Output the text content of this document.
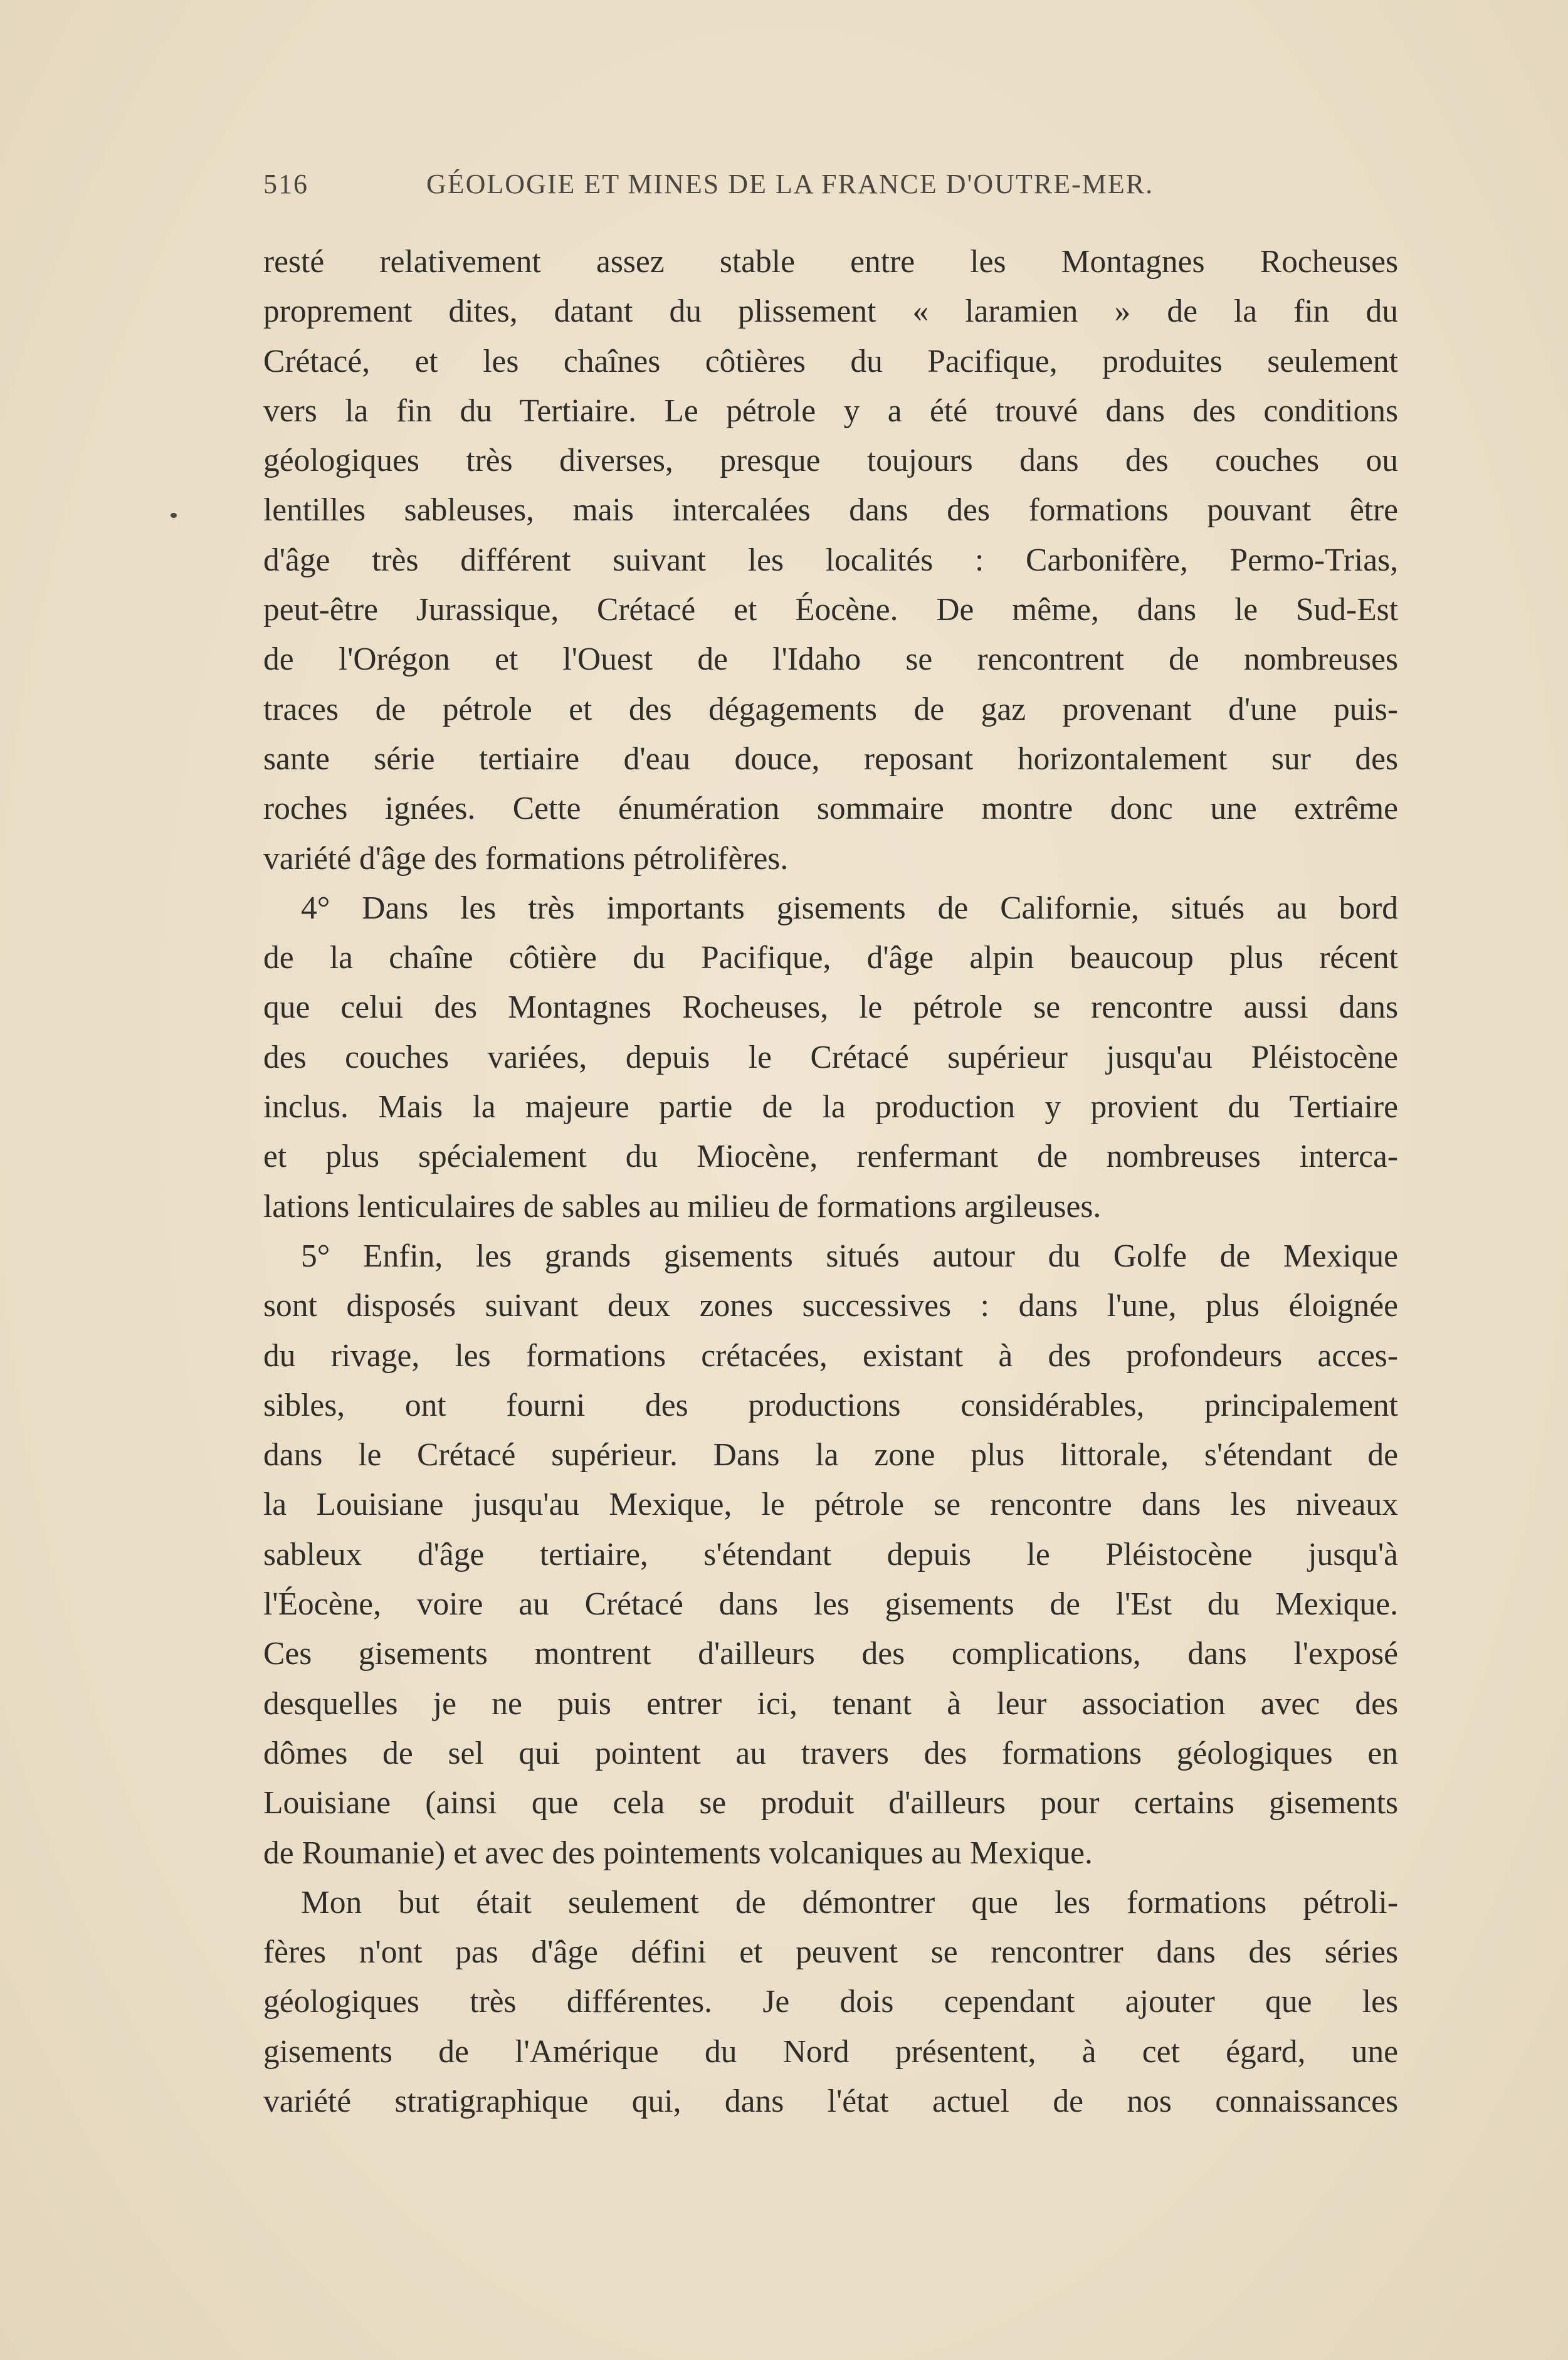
516	GÉOLOGIE ET MINES DE LA FRANCE D'OUTRE-MER.
resté relativement assez stable entre les Montagnes Rocheuses
proprement dites, datant du plissement « laramien » de la fin du
Crétacé, et les chaînes côtières du Pacifique, produites seulement
vers la fin du Tertiaire. Le pétrole y a été trouvé dans des conditions
géologiques très diverses, presque toujours dans des couches ou
lentilles sableuses, mais intercalées dans des formations pouvant être
d'âge très différent suivant les localités : Carbonifère, Permo-Trias,
peut-être Jurassique, Crétacé et Éocène. De même, dans le Sud-Est
de l'Orégon et l'Ouest de l'Idaho se rencontrent de nombreuses
traces de pétrole et des dégagements de gaz provenant d'une puis-
sante série tertiaire d'eau douce, reposant horizontalement sur des
roches ignées. Cette énumération sommaire montre donc une extrême
variété d'âge des formations pétrolifères.
4° Dans les très importants gisements de Californie, situés au bord
de la chaîne côtière du Pacifique, d'âge alpin beaucoup plus récent
que celui des Montagnes Rocheuses, le pétrole se rencontre aussi dans
des couches variées, depuis le Crétacé supérieur jusqu'au Pléistocène
inclus. Mais la majeure partie de la production y provient du Tertiaire
et plus spécialement du Miocène, renfermant de nombreuses interca-
lations lenticulaires de sables au milieu de formations argileuses.
5° Enfin, les grands gisements situés autour du Golfe de Mexique
sont disposés suivant deux zones successives : dans l'une, plus éloignée
du rivage, les formations crétacées, existant à des profondeurs acces-
sibles, ont fourni des productions considérables, principalement
dans le Crétacé supérieur. Dans la zone plus littorale, s'étendant de
la Louisiane jusqu'au Mexique, le pétrole se rencontre dans les niveaux
sableux d'âge tertiaire, s'étendant depuis le Pléistocène jusqu'à
l'Éocène, voire au Crétacé dans les gisements de l'Est du Mexique.
Ces gisements montrent d'ailleurs des complications, dans l'exposé
desquelles je ne puis entrer ici, tenant à leur association avec des
dômes de sel qui pointent au travers des formations géologiques en
Louisiane (ainsi que cela se produit d'ailleurs pour certains gisements
de Roumanie) et avec des pointements volcaniques au Mexique.
Mon but était seulement de démontrer que les formations pétroli-
fères n'ont pas d'âge défini et peuvent se rencontrer dans des séries
géologiques très différentes. Je dois cependant ajouter que les
gisements de l'Amérique du Nord présentent, à cet égard, une
variété stratigraphique qui, dans l'état actuel de nos connaissances
